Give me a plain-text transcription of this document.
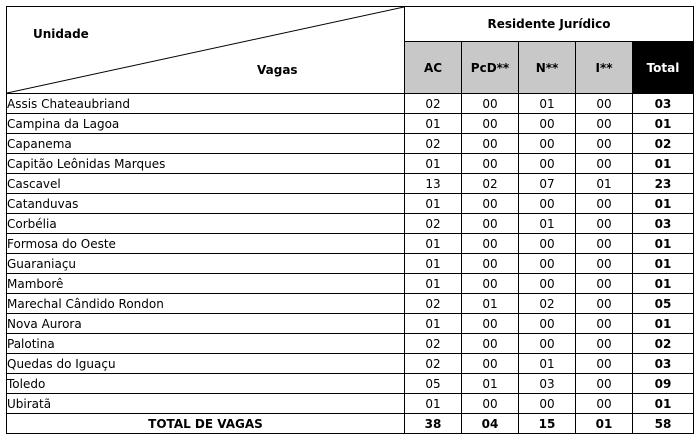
Unidade
Vagas	Residente Jurídico				
	AC	PcD**	N**	I**	Total
Assis Chateaubriand	02	00	01	00	03
Campina da Lagoa	01	00	00	00	01
Capanema	02	00	00	00	02
Capitão Leônidas Marques	01	00	00	00	01
Cascavel	13	02	07	01	23
Catanduvas	01	00	00	00	01
Corbélia	02	00	01	00	03
Formosa do Oeste	01	00	00	00	01
Guaraniaçu	01	00	00	00	01
Mamborê	01	00	00	00	01
Marechal Cândido Rondon	02	01	02	00	05
Nova Aurora	01	00	00	00	01
Palotina	02	00	00	00	02
Quedas do Iguaçu	02	00	01	00	03
Toledo	05	01	03	00	09
Ubiratã	01	00	00	00	01
TOTAL DE VAGAS	38	04	15	01	58
